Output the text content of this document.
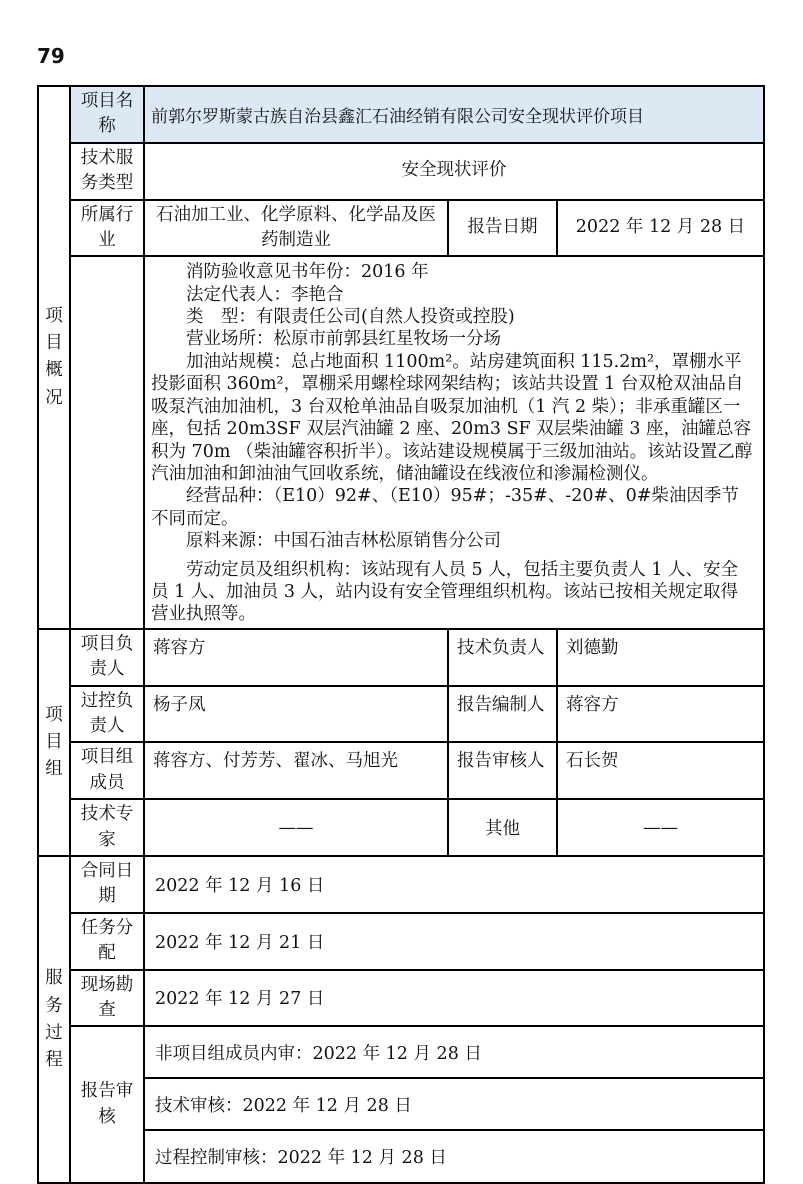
79
项目概况	项目名称	前郭尔罗斯蒙古族自治县鑫汇石油经销有限公司安全现状评价项目		
	技术服务类型	安全现状评价		
	所属行业	石油加工业、化学原料、化学品及医药制造业	报告日期	2022 年 12 月 28 日

消防验收意见书年份：2016 年

法定代表人：李艳合

类　型：有限责任公司(自然人投资或控股)

营业场所：松原市前郭县红星牧场一分场

加油站规模：总占地面积 1100m²。站房建筑面积 115.2m²，罩棚水平投影面积 360m²，罩棚采用螺栓球网架结构；该站共设置 1 台双枪双油品自吸泵汽油加油机，3 台双枪单油品自吸泵加油机（1 汽 2 柴）；非承重罐区一座，包括 20m3SF 双层汽油罐 2 座、20m3 SF 双层柴油罐 3 座，油罐总容积为 70m （柴油罐容积折半）。该站建设规模属于三级加油站。该站设置乙醇汽油加油和卸油油气回收系统，储油罐设在线液位和渗漏检测仪。

经营品种：（E10）92#、（E10）95#；-35#、-20#、0#柴油因季节不同而定。

原料来源：中国石油吉林松原销售分公司

劳动定员及组织机构：该站现有人员 5 人，包括主要负责人 1 人、安全员 1 人、加油员 3 人，站内设有安全管理组织机构。该站已按相关规定取得营业执照等。

项目组	项目负责人	蒋容方	技术负责人	刘德勤
	过控负责人	杨子凤	报告编制人	蒋容方
	项目组成员	蒋容方、付芳芳、翟冰、马旭光	报告审核人	石长贺
	技术专家	——	其他	——

服务过程	合同日期	2022 年 12 月 16 日		
	任务分配	2022 年 12 月 21 日		
	现场勘查	2022 年 12 月 27 日		
	报告审核	非项目组成员内审：2022 年 12 月 28 日		
		技术审核：2022 年 12 月 28 日		
		过程控制审核：2022 年 12 月 28 日		
